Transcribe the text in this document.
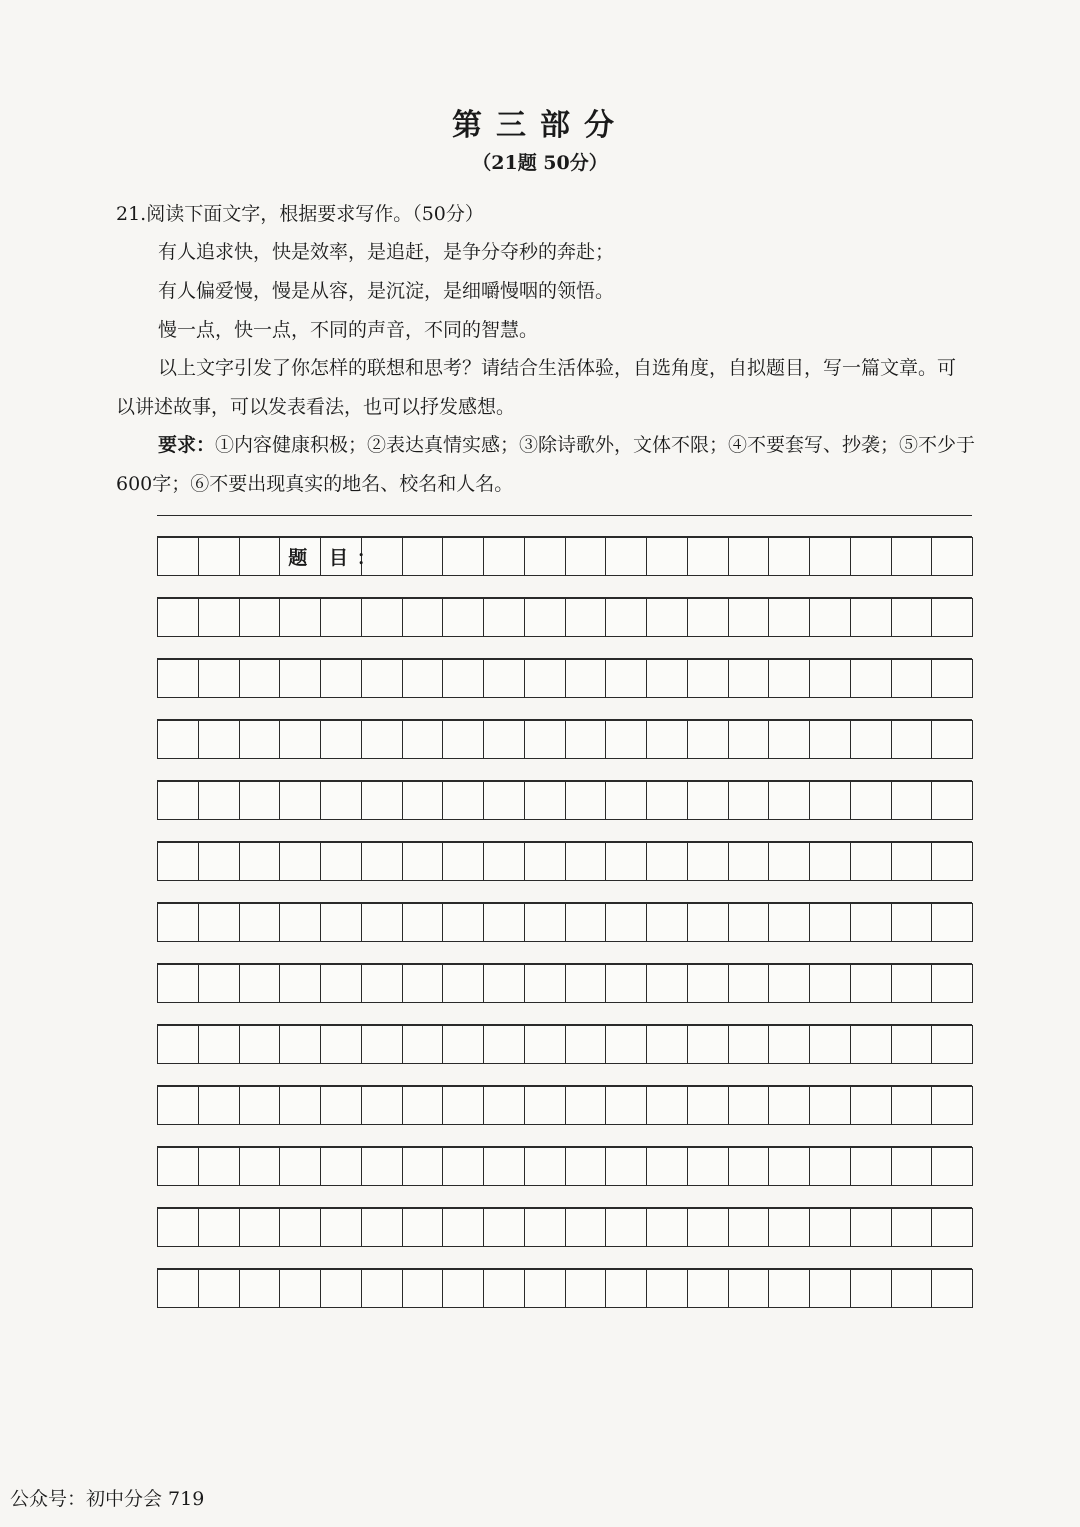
第三部分
（21题 50分）
21.阅读下面文字，根据要求写作。（50分）
有人追求快，快是效率，是追赶，是争分夺秒的奔赴；
有人偏爱慢，慢是从容，是沉淀，是细嚼慢咽的领悟。
慢一点，快一点，不同的声音，不同的智慧。
以上文字引发了你怎样的联想和思考？请结合生活体验，自选角度，自拟题目，写一篇文章。可
以讲述故事，可以发表看法，也可以抒发感想。
要求：①内容健康积极；②表达真情实感；③除诗歌外，文体不限；④不要套写、抄袭；⑤不少于
600字；⑥不要出现真实的地名、校名和人名。
题 目 ：
公众号：初中分会 719
